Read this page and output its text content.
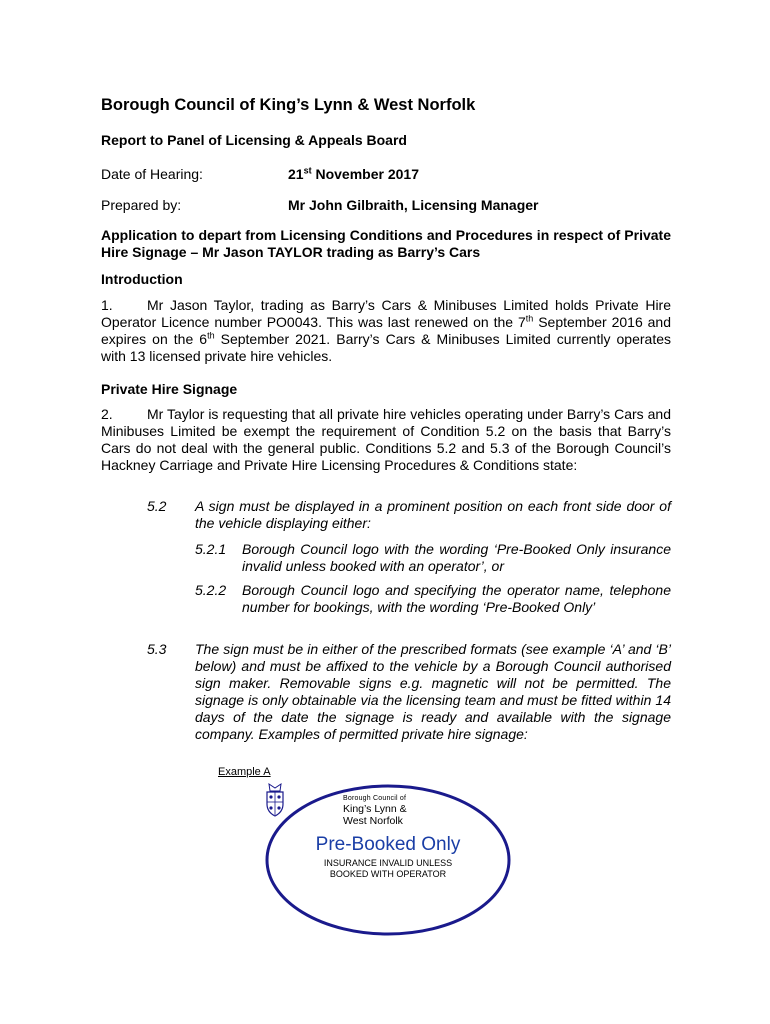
Borough Council of King’s Lynn & West Norfolk
Report to Panel of Licensing & Appeals Board
Date of Hearing:	21st November 2017
Prepared by:	Mr John Gilbraith, Licensing Manager
Application to depart from Licensing Conditions and Procedures in respect of Private Hire Signage – Mr Jason TAYLOR trading as Barry’s Cars
Introduction
1. Mr Jason Taylor, trading as Barry’s Cars & Minibuses Limited holds Private Hire Operator Licence number PO0043. This was last renewed on the 7th September 2016 and expires on the 6th September 2021. Barry’s Cars & Minibuses Limited currently operates with 13 licensed private hire vehicles.
Private Hire Signage
2. Mr Taylor is requesting that all private hire vehicles operating under Barry’s Cars and Minibuses Limited be exempt the requirement of Condition 5.2 on the basis that Barry’s Cars do not deal with the general public. Conditions 5.2 and 5.3 of the Borough Council’s Hackney Carriage and Private Hire Licensing Procedures & Conditions state:
5.2 A sign must be displayed in a prominent position on each front side door of the vehicle displaying either:
5.2.1 Borough Council logo with the wording ‘Pre-Booked Only insurance invalid unless booked with an operator’, or
5.2.2 Borough Council logo and specifying the operator name, telephone number for bookings, with the wording ‘Pre-Booked Only’
5.3 The sign must be in either of the prescribed formats (see example ‘A’ and ‘B’ below) and must be affixed to the vehicle by a Borough Council authorised sign maker. Removable signs e.g. magnetic will not be permitted. The signage is only obtainable via the licensing team and must be fitted within 14 days of the date the signage is ready and available with the signage company. Examples of permitted private hire signage:
Example A
Borough Council of
King’s Lynn &
West Norfolk
Pre-Booked Only
INSURANCE INVALID UNLESS
BOOKED WITH OPERATOR
